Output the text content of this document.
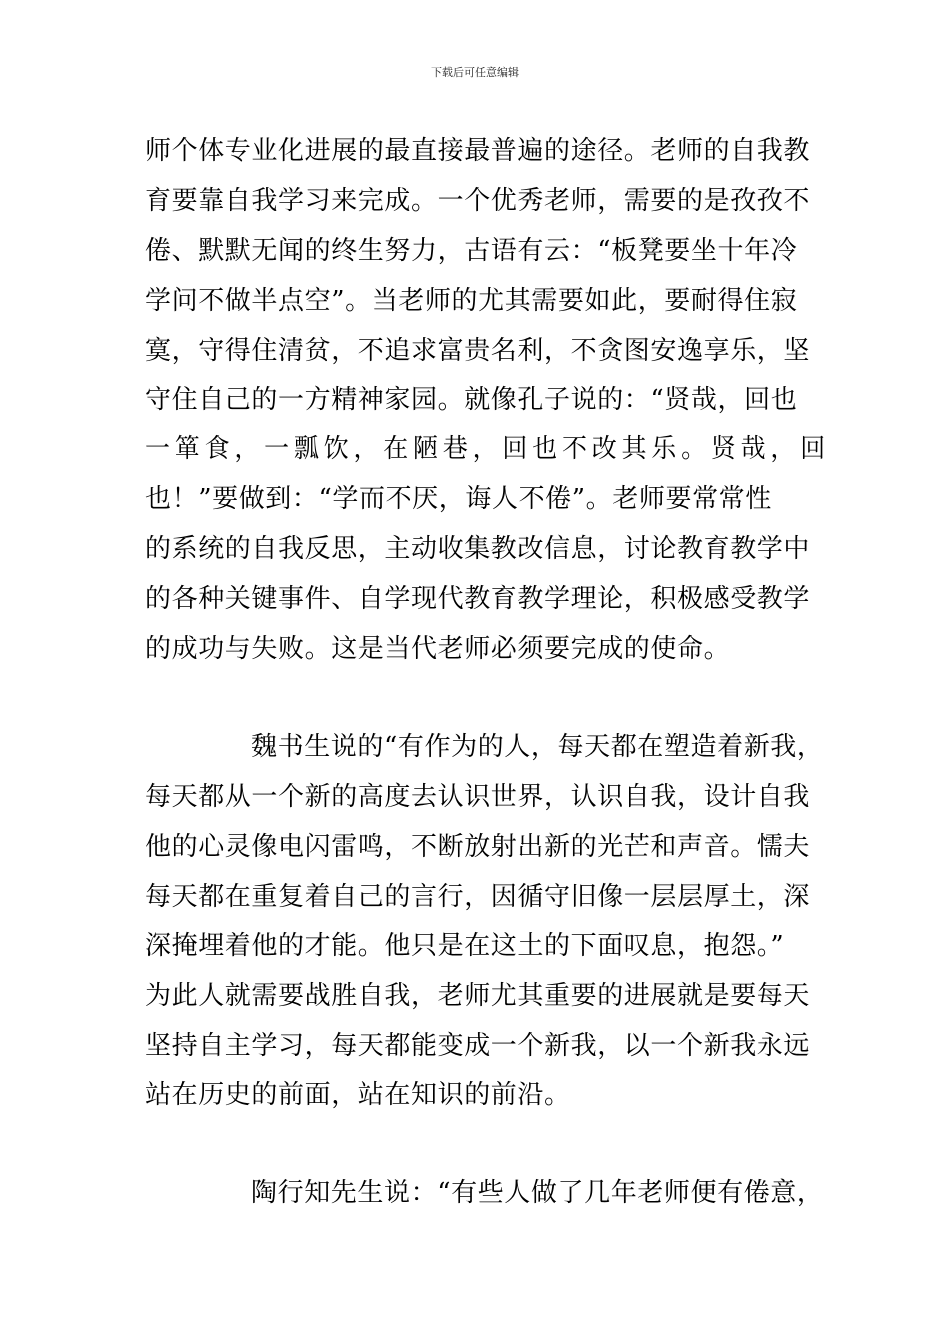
下载后可任意编辑
师个体专业化进展的最直接最普遍的途径。老师的自我教
育要靠自我学习来完成。一个优秀老师，需要的是孜孜不
倦、默默无闻的终生努力，古语有云：“板凳要坐十年冷
学问不做半点空”。当老师的尤其需要如此，要耐得住寂
寞，守得住清贫，不追求富贵名利，不贪图安逸享乐，坚
守住自己的一方精神家园。就像孔子说的：“贤哉，回也
一箪食，一瓢饮，在陋巷，回也不改其乐。贤哉，回
也！”要做到：“学而不厌，诲人不倦”。老师要常常性
的系统的自我反思，主动收集教改信息，讨论教育教学中
的各种关键事件、自学现代教育教学理论，积极感受教学
的成功与失败。这是当代老师必须要完成的使命。
魏书生说的“有作为的人，每天都在塑造着新我，
每天都从一个新的高度去认识世界，认识自我，设计自我
他的心灵像电闪雷鸣，不断放射出新的光芒和声音。懦夫
每天都在重复着自己的言行，因循守旧像一层层厚土，深
深掩埋着他的才能。他只是在这土的下面叹息，抱怨。”
为此人就需要战胜自我，老师尤其重要的进展就是要每天
坚持自主学习，每天都能变成一个新我，以一个新我永远
站在历史的前面，站在知识的前沿。
陶行知先生说：“有些人做了几年老师便有倦意，
